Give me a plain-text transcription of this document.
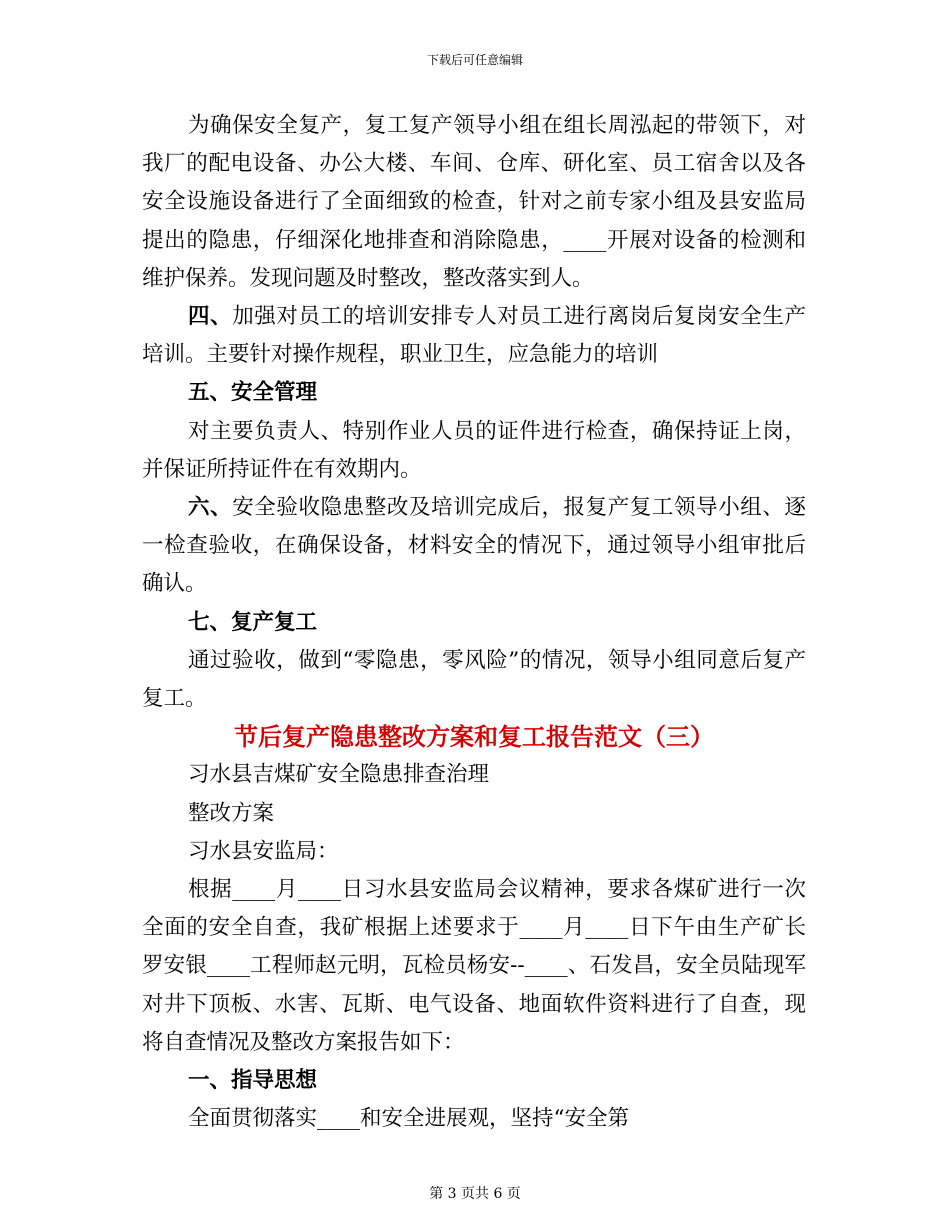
下载后可任意编辑

为确保安全复产，复工复产领导小组在组长周泓起的带领下，对我厂的配电设备、办公大楼、车间、仓库、研化室、员工宿舍以及各安全设施设备进行了全面细致的检查，针对之前专家小组及县安监局提出的隐患，仔细深化地排查和消除隐患，____开展对设备的检测和维护保养。发现问题及时整改，整改落实到人。

四、加强对员工的培训安排专人对员工进行离岗后复岗安全生产培训。主要针对操作规程，职业卫生，应急能力的培训

五、安全管理

对主要负责人、特别作业人员的证件进行检查，确保持证上岗，并保证所持证件在有效期内。

六、安全验收隐患整改及培训完成后，报复产复工领导小组、逐一检查验收，在确保设备，材料安全的情况下，通过领导小组审批后确认。

七、复产复工

通过验收，做到“零隐患，零风险”的情况，领导小组同意后复产复工。

节后复产隐患整改方案和复工报告范文（三）

习水县吉煤矿安全隐患排查治理

整改方案

习水县安监局：

根据____月____日习水县安监局会议精神，要求各煤矿进行一次全面的安全自查，我矿根据上述要求于____月____日下午由生产矿长罗安银____工程师赵元明，瓦检员杨安--____、石发昌，安全员陆现军对井下顶板、水害、瓦斯、电气设备、地面软件资料进行了自查，现将自查情况及整改方案报告如下：

一、指导思想

全面贯彻落实____和安全进展观，坚持“安全第

第 3 页共 6 页
